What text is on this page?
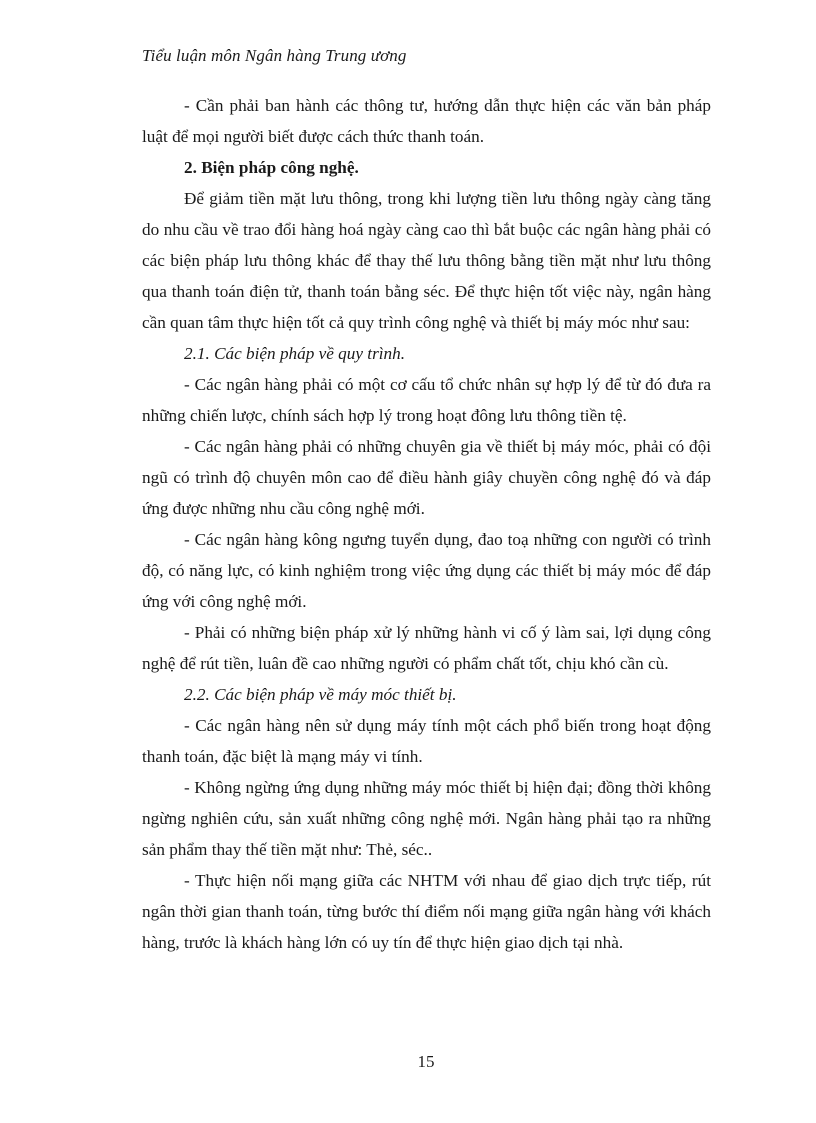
Tiểu luận môn Ngân hàng Trung ương

- Cần phải ban hành các thông tư, hướng dẫn thực hiện các văn bản pháp luật để mọi người biết được cách thức thanh toán.

2. Biện pháp công nghệ.

Để giảm tiền mặt lưu thông, trong khi lượng tiền lưu thông ngày càng tăng do nhu cầu về trao đổi hàng hoá ngày càng cao thì bắt buộc các ngân hàng phải có các biện pháp lưu thông khác để thay thế lưu thông bằng tiền mặt như lưu thông qua thanh toán điện tử, thanh toán bằng séc. Để thực hiện tốt việc này, ngân hàng cần quan tâm thực hiện tốt cả quy trình công nghệ và thiết bị máy móc như sau:

2.1. Các biện pháp về quy trình.

- Các ngân hàng phải có một cơ cấu tổ chức nhân sự hợp lý để từ đó đưa ra những chiến lược, chính sách hợp lý trong hoạt đông lưu thông tiền tệ.

- Các ngân hàng phải có những chuyên gia về thiết bị máy móc, phải có đội ngũ có trình độ chuyên môn cao để điều hành giây chuyền công nghệ đó và đáp ứng được những nhu cầu công nghệ mới.

- Các ngân hàng kông ngưng tuyển dụng, đao toạ những con người có trình độ, có năng lực, có kinh nghiệm trong việc ứng dụng các thiết bị máy móc để đáp ứng với công nghệ mới.

- Phải có những biện pháp xử lý những hành vi cố ý làm sai, lợi dụng công nghệ để rút tiền, luân đề cao những người có phẩm chất tốt, chịu khó cần cù.

2.2. Các biện pháp về máy móc thiết bị.

- Các ngân hàng nên sử dụng máy tính một cách phổ biến trong hoạt động thanh toán, đặc biệt là mạng máy vi tính.

- Không ngừng ứng dụng những máy móc thiết bị hiện đại; đồng thời không ngừng nghiên cứu, sản xuất những công nghệ mới. Ngân hàng phải tạo ra những sản phẩm thay thế tiền mặt như: Thẻ, séc..

- Thực hiện nối mạng giữa các NHTM với nhau để giao dịch trực tiếp, rút ngân thời gian thanh toán, từng bước thí điểm nối mạng giữa ngân hàng với khách hàng, trước là khách hàng lớn có uy tín để thực hiện giao dịch tại nhà.

15
